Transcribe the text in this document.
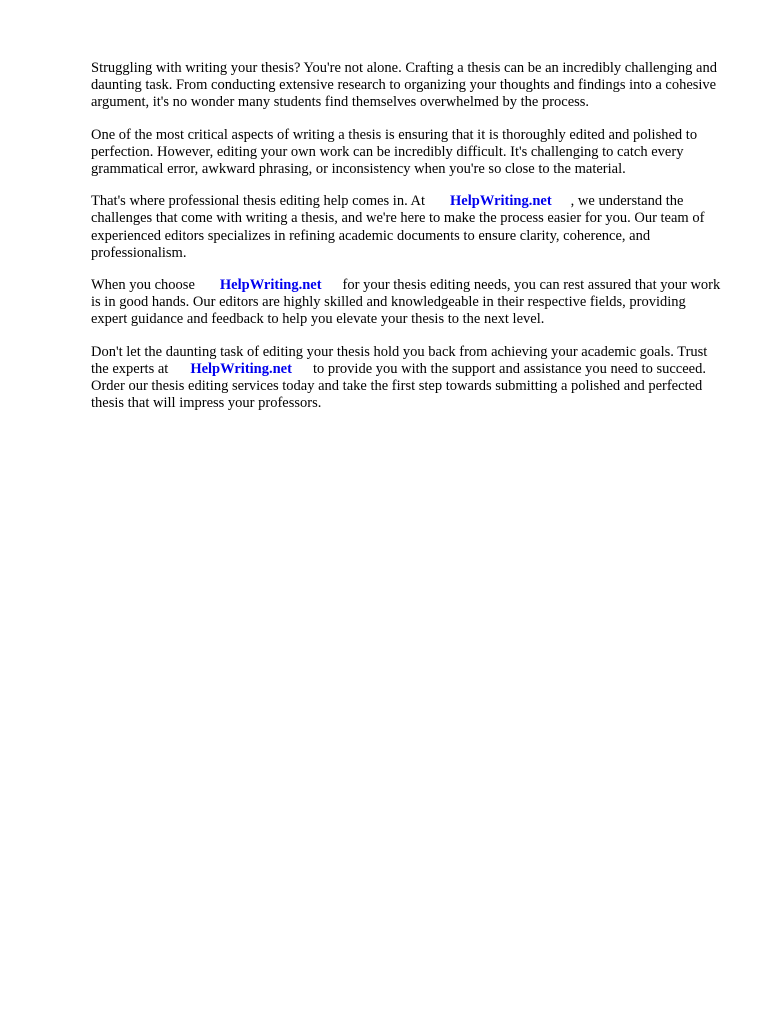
Struggling with writing your thesis? You're not alone. Crafting a thesis can be an incredibly challenging and daunting task. From conducting extensive research to organizing your thoughts and findings into a cohesive argument, it's no wonder many students find themselves overwhelmed by the process.

One of the most critical aspects of writing a thesis is ensuring that it is thoroughly edited and polished to perfection. However, editing your own work can be incredibly difficult. It's challenging to catch every grammatical error, awkward phrasing, or inconsistency when you're so close to the material.

That's where professional thesis editing help comes in. At HelpWriting.net , we understand the challenges that come with writing a thesis, and we're here to make the process easier for you. Our team of experienced editors specializes in refining academic documents to ensure clarity, coherence, and professionalism.

When you choose HelpWriting.net for your thesis editing needs, you can rest assured that your work is in good hands. Our editors are highly skilled and knowledgeable in their respective fields, providing expert guidance and feedback to help you elevate your thesis to the next level.

Don't let the daunting task of editing your thesis hold you back from achieving your academic goals. Trust the experts at HelpWriting.net to provide you with the support and assistance you need to succeed. Order our thesis editing services today and take the first step towards submitting a polished and perfected thesis that will impress your professors.
